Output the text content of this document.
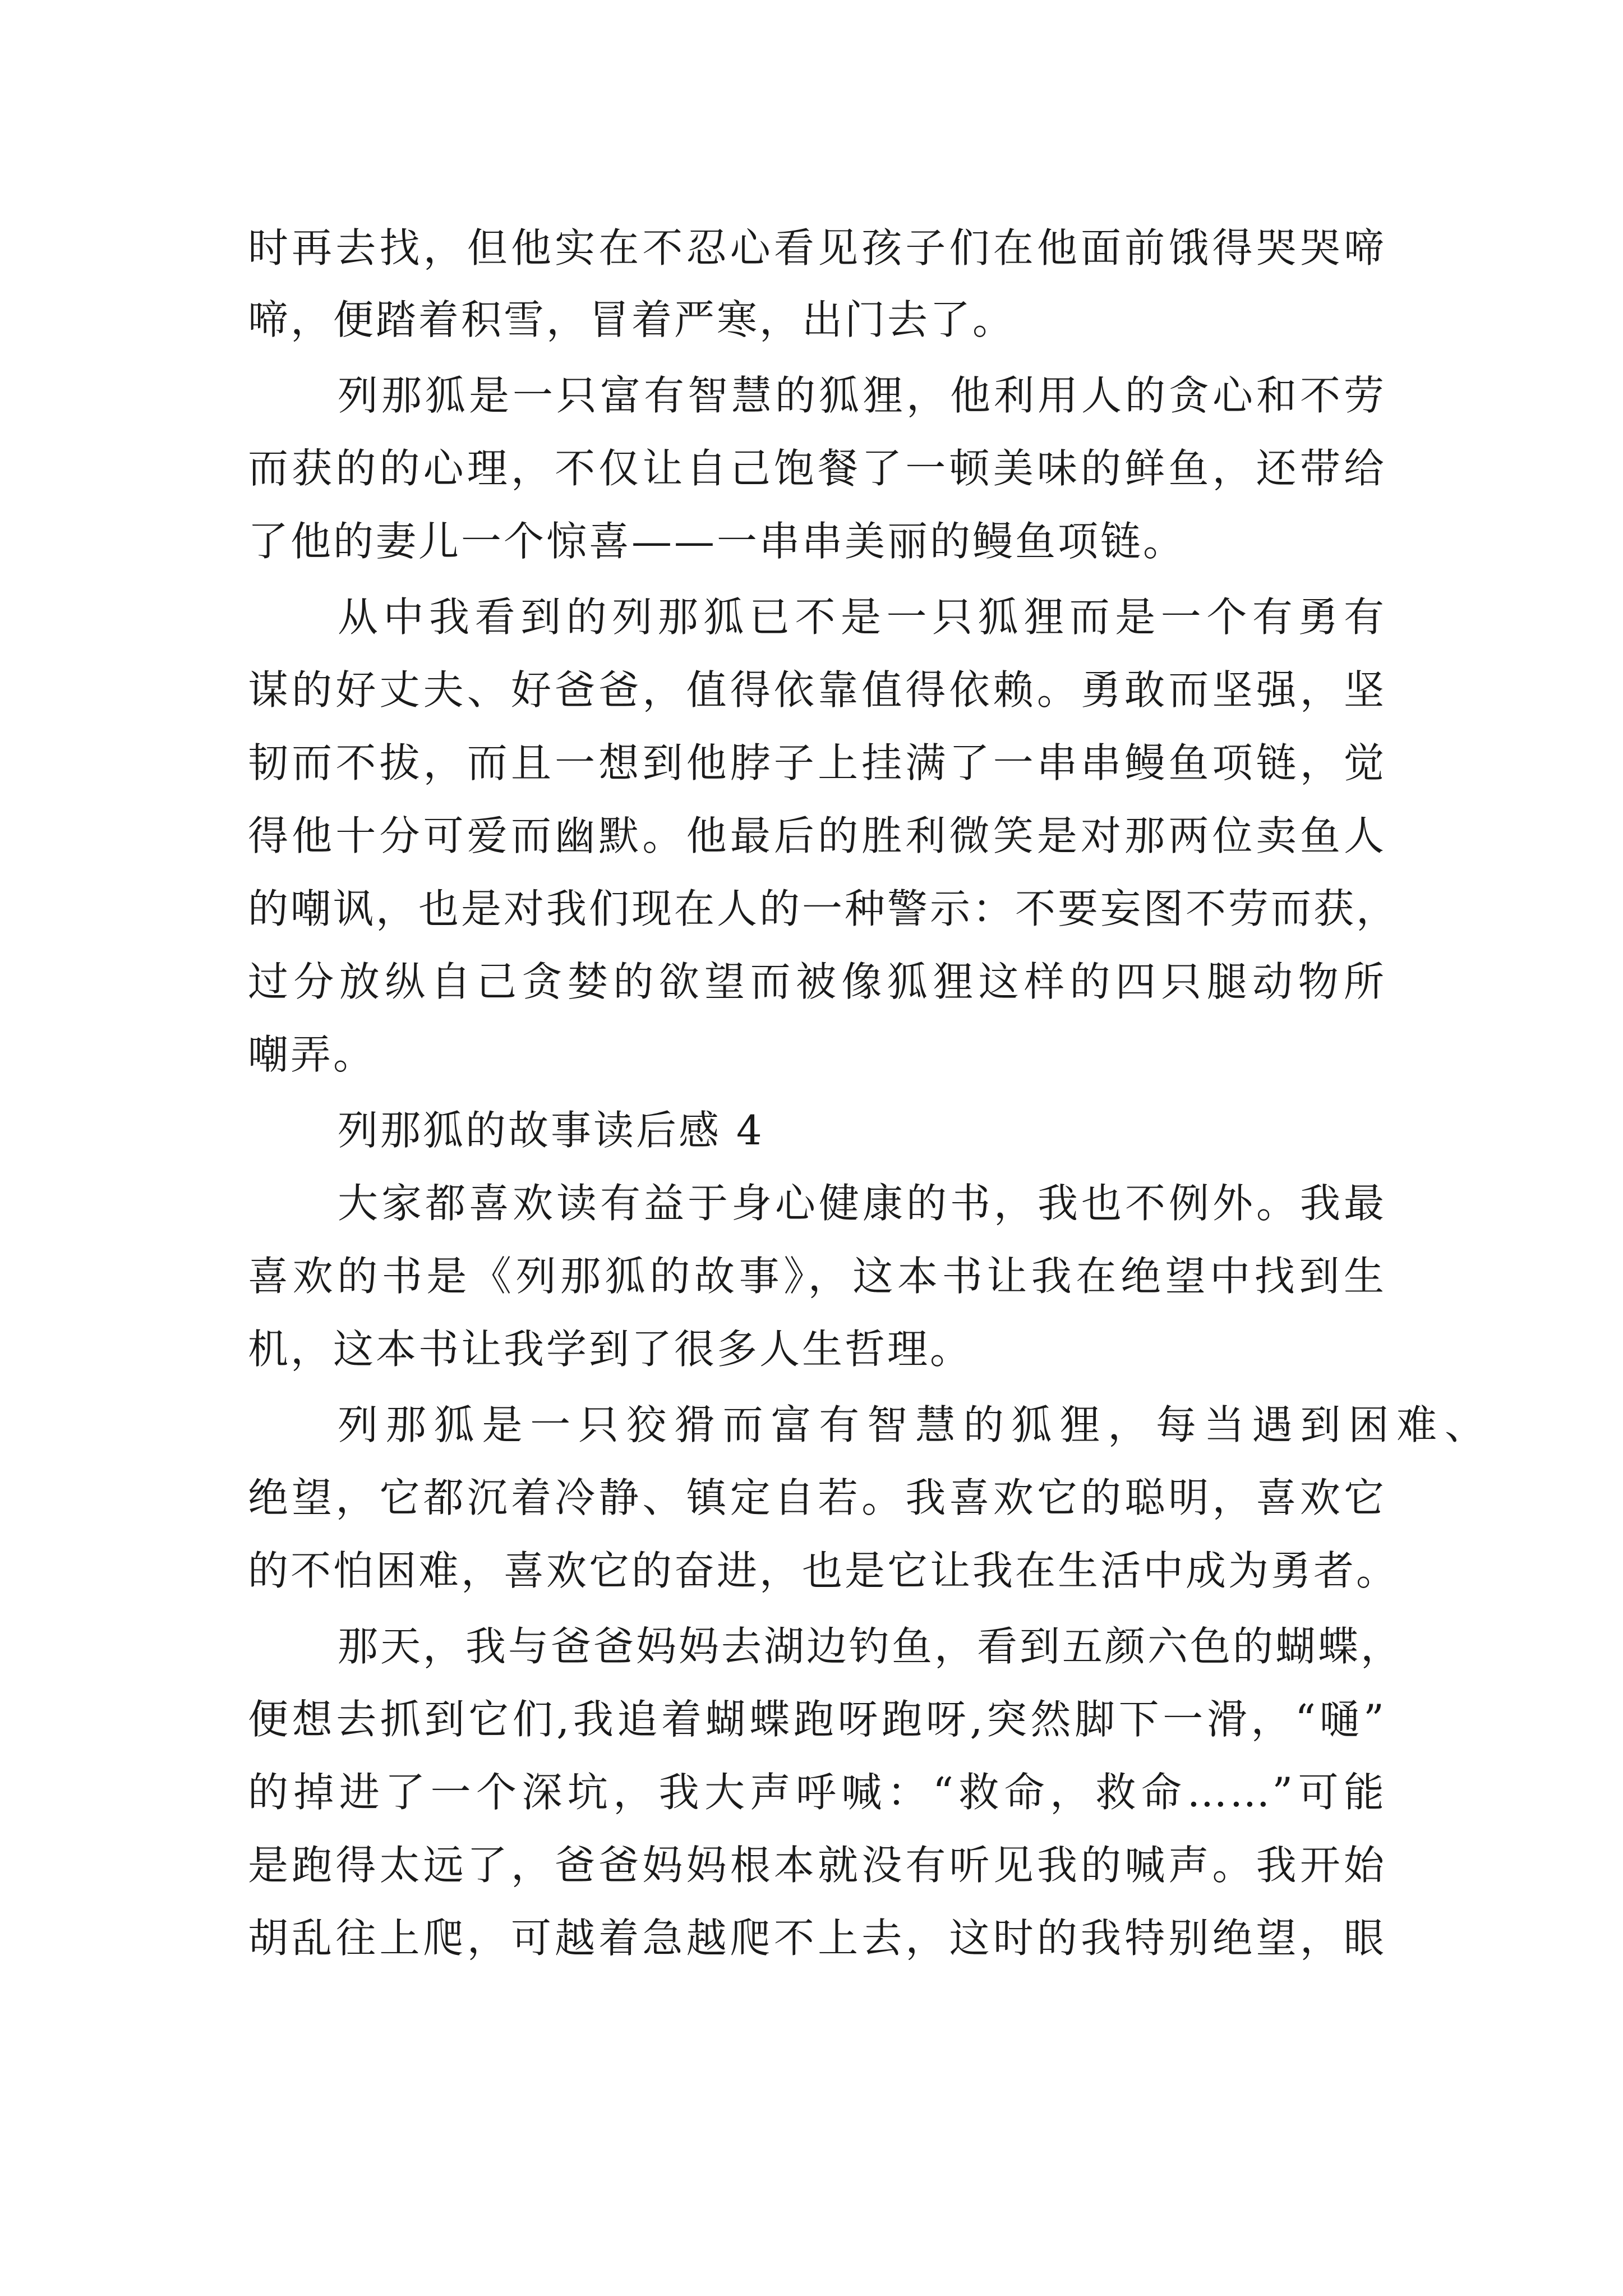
时再去找，但他实在不忍心看见孩子们在他面前饿得哭哭啼
啼，便踏着积雪，冒着严寒，出门去了。
列那狐是一只富有智慧的狐狸，他利用人的贪心和不劳
而获的的心理，不仅让自己饱餐了一顿美味的鲜鱼，还带给
了他的妻儿一个惊喜——一串串美丽的鳗鱼项链。
从中我看到的列那狐已不是一只狐狸而是一个有勇有
谋的好丈夫、好爸爸，值得依靠值得依赖。勇敢而坚强，坚
韧而不拔，而且一想到他脖子上挂满了一串串鳗鱼项链，觉
得他十分可爱而幽默。他最后的胜利微笑是对那两位卖鱼人
的嘲讽，也是对我们现在人的一种警示：不要妄图不劳而获，
过分放纵自己贪婪的欲望而被像狐狸这样的四只腿动物所
嘲弄。
列那狐的故事读后感 4
大家都喜欢读有益于身心健康的书，我也不例外。我最
喜欢的书是《列那狐的故事》，这本书让我在绝望中找到生
机，这本书让我学到了很多人生哲理。
列那狐是一只狡猾而富有智慧的狐狸，每当遇到困难、
绝望，它都沉着冷静、镇定自若。我喜欢它的聪明，喜欢它
的不怕困难，喜欢它的奋进，也是它让我在生活中成为勇者。
那天，我与爸爸妈妈去湖边钓鱼，看到五颜六色的蝴蝶，
便想去抓到它们,我追着蝴蝶跑呀跑呀,突然脚下一滑，“嗵”
的掉进了一个深坑，我大声呼喊：“救命，救命……”可能
是跑得太远了，爸爸妈妈根本就没有听见我的喊声。我开始
胡乱往上爬，可越着急越爬不上去，这时的我特别绝望，眼
